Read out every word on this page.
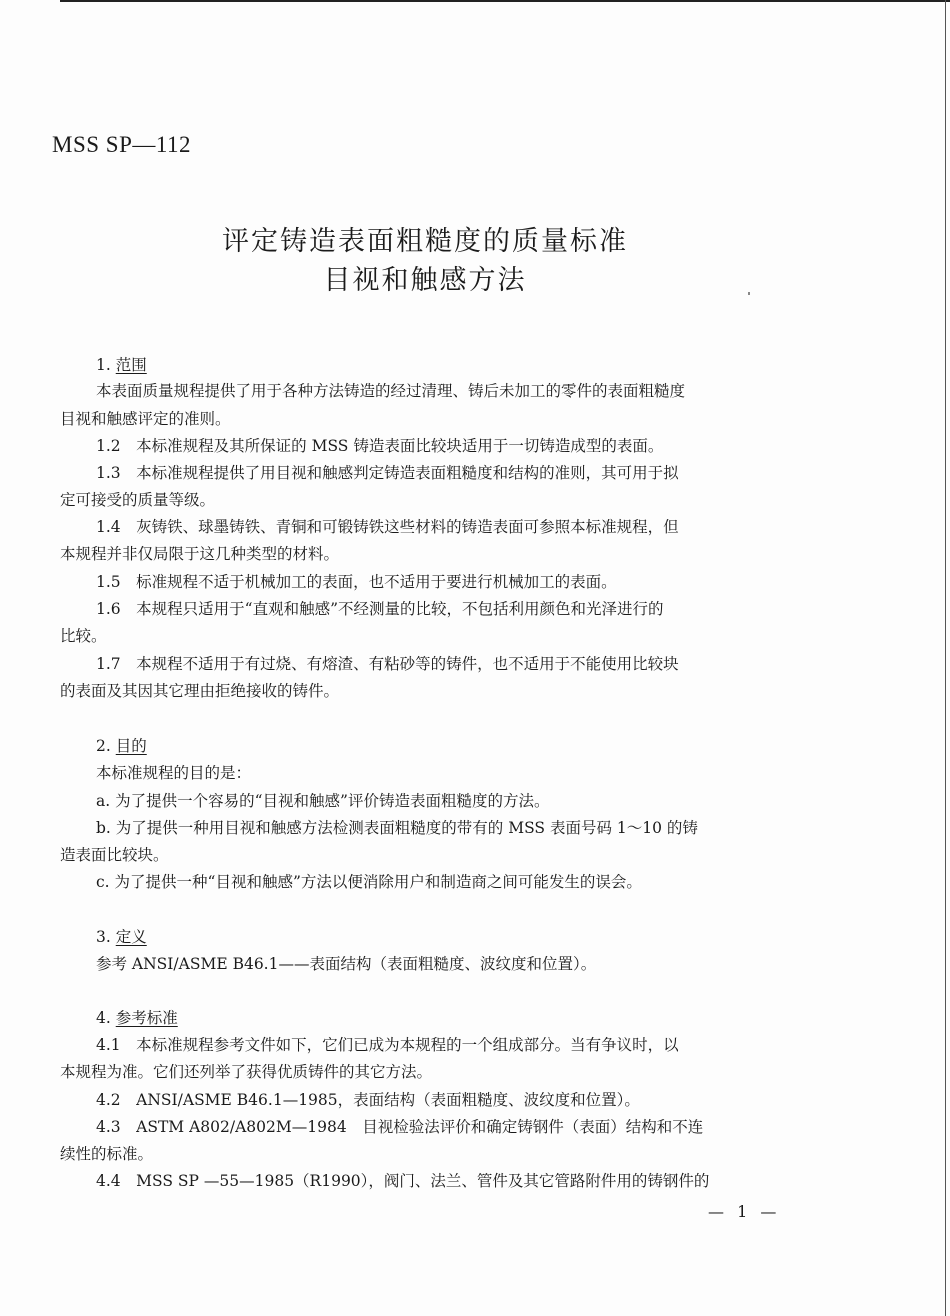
MSS SP—112
评定铸造表面粗糙度的质量标准
目视和触感方法
1. 范围
本表面质量规程提供了用于各种方法铸造的经过清理、铸后未加工的零件的表面粗糙度
目视和触感评定的准则。
1.2　本标准规程及其所保证的 MSS 铸造表面比较块适用于一切铸造成型的表面。
1.3　本标准规程提供了用目视和触感判定铸造表面粗糙度和结构的准则，其可用于拟
定可接受的质量等级。
1.4　灰铸铁、球墨铸铁、青铜和可锻铸铁这些材料的铸造表面可参照本标准规程，但
本规程并非仅局限于这几种类型的材料。
1.5　标准规程不适于机械加工的表面，也不适用于要进行机械加工的表面。
1.6　本规程只适用于“直观和触感”不经测量的比较，不包括利用颜色和光泽进行的
比较。
1.7　本规程不适用于有过烧、有熔渣、有粘砂等的铸件，也不适用于不能使用比较块
的表面及其因其它理由拒绝接收的铸件。
2. 目的
本标准规程的目的是：
a. 为了提供一个容易的“目视和触感”评价铸造表面粗糙度的方法。
b. 为了提供一种用目视和触感方法检测表面粗糙度的带有的 MSS 表面号码 1～10 的铸
造表面比较块。
c. 为了提供一种“目视和触感”方法以便消除用户和制造商之间可能发生的误会。
3. 定义
参考 ANSI/ASME B46.1——表面结构（表面粗糙度、波纹度和位置）。
4. 参考标准
4.1　本标准规程参考文件如下，它们已成为本规程的一个组成部分。当有争议时，以
本规程为准。它们还列举了获得优质铸件的其它方法。
4.2　ANSI/ASME B46.1—1985，表面结构（表面粗糙度、波纹度和位置）。
4.3　ASTM A802/A802M—1984　目视检验法评价和确定铸钢件（表面）结构和不连
续性的标准。
4.4　MSS SP —55—1985（R1990），阀门、法兰、管件及其它管路附件用的铸钢件的
— 1 —
